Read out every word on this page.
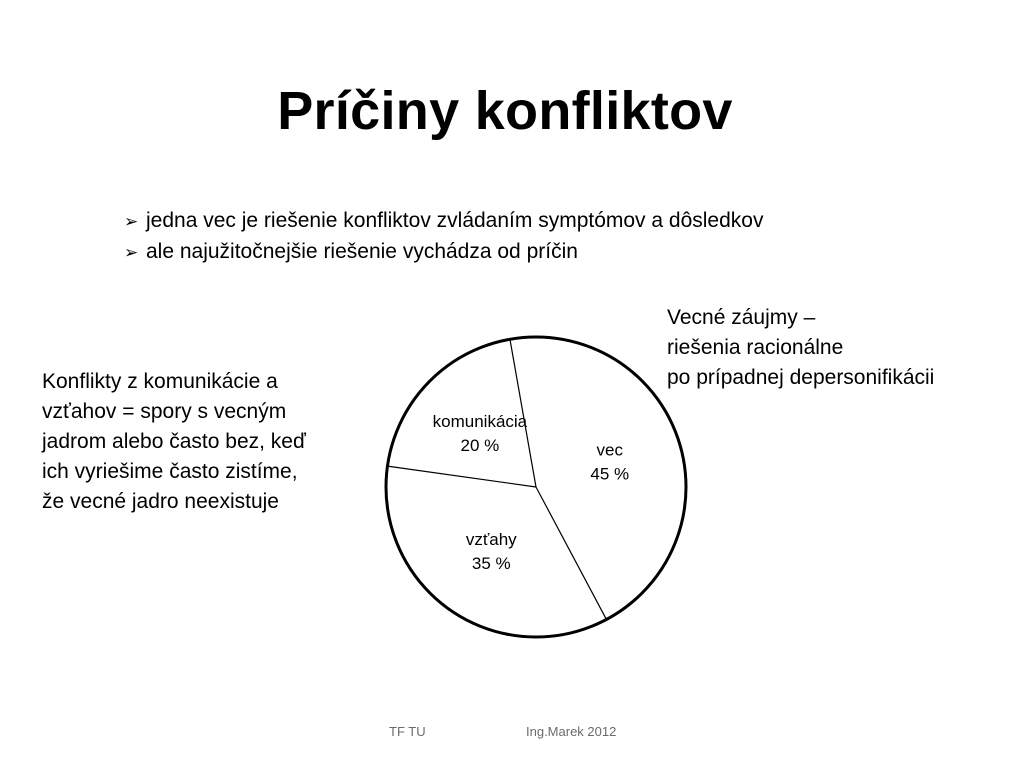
Príčiny konfliktov
➢ jedna vec je riešenie konfliktov zvládaním symptómov a dôsledkov
➢ ale najužitočnejšie riešenie vychádza od príčin
Konflikty z komunikácie a
vzťahov = spory s vecným
jadrom alebo často bez, keď
ich vyriešime často zistíme,
že vecné jadro neexistuje
Vecné záujmy –
riešenia racionálne
po prípadnej depersonifikácii
vec
45 %
vzťahy
35 %
komunikácia
20 %
TF TU	Ing.Marek 2012
